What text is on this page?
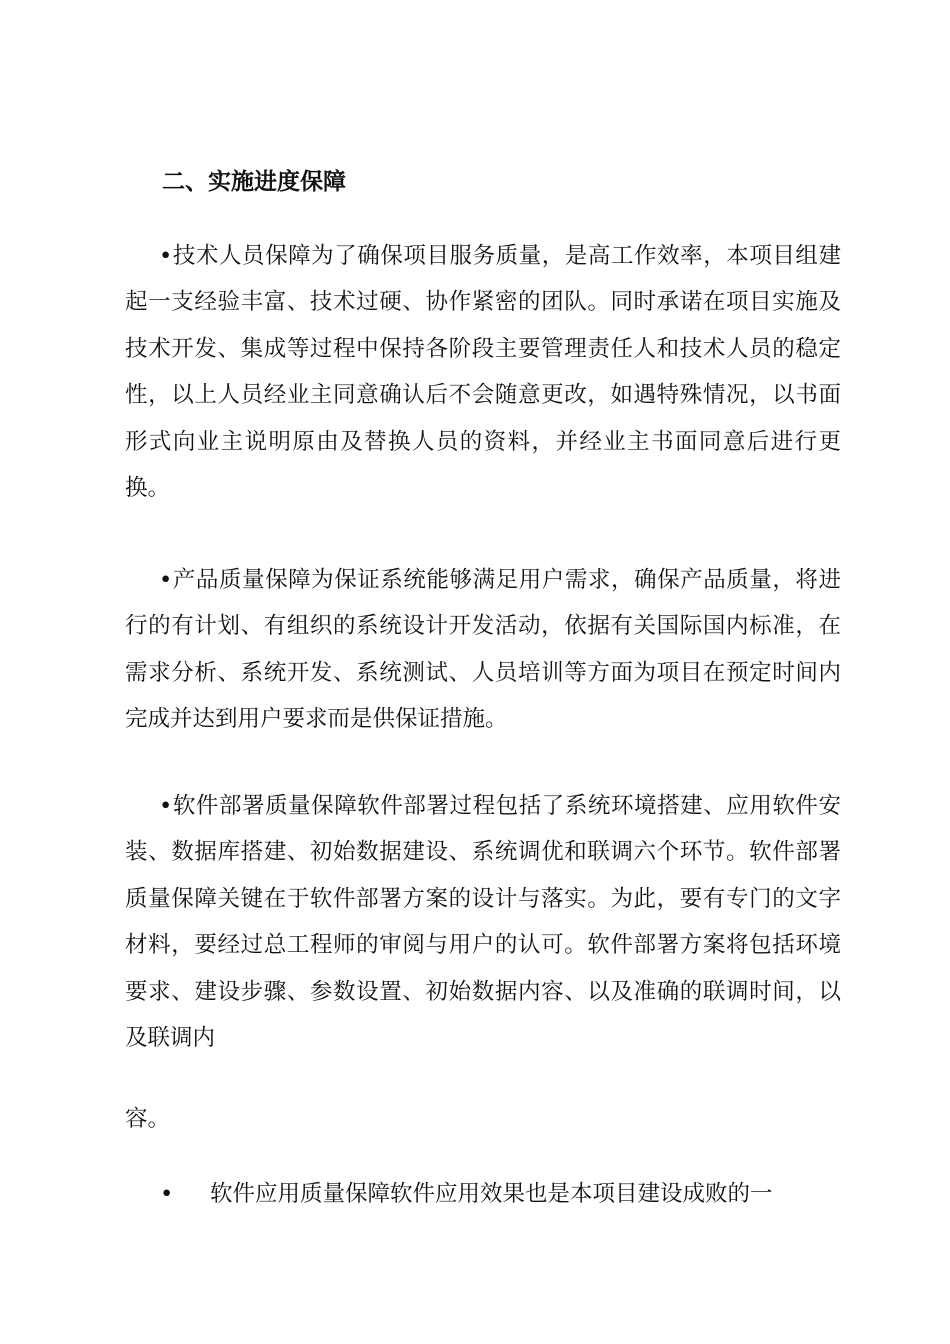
二、实施进度保障
•技术人员保障为了确保项目服务质量，是高工作效率，本项目组建起一支经验丰富、技术过硬、协作紧密的团队。同时承诺在项目实施及技术开发、集成等过程中保持各阶段主要管理责任人和技术人员的稳定性，以上人员经业主同意确认后不会随意更改，如遇特殊情况，以书面形式向业主说明原由及替换人员的资料，并经业主书面同意后进行更换。
•产品质量保障为保证系统能够满足用户需求，确保产品质量，将进行的有计划、有组织的系统设计开发活动，依据有关国际国内标准，在需求分析、系统开发、系统测试、人员培训等方面为项目在预定时间内完成并达到用户要求而是供保证措施。
•软件部署质量保障软件部署过程包括了系统环境搭建、应用软件安装、数据库搭建、初始数据建设、系统调优和联调六个环节。软件部署质量保障关键在于软件部署方案的设计与落实。为此，要有专门的文字材料，要经过总工程师的审阅与用户的认可。软件部署方案将包括环境要求、建设步骤、参数设置、初始数据内容、以及准确的联调时间，以及联调内
容。
• 软件应用质量保障软件应用效果也是本项目建设成败的一
